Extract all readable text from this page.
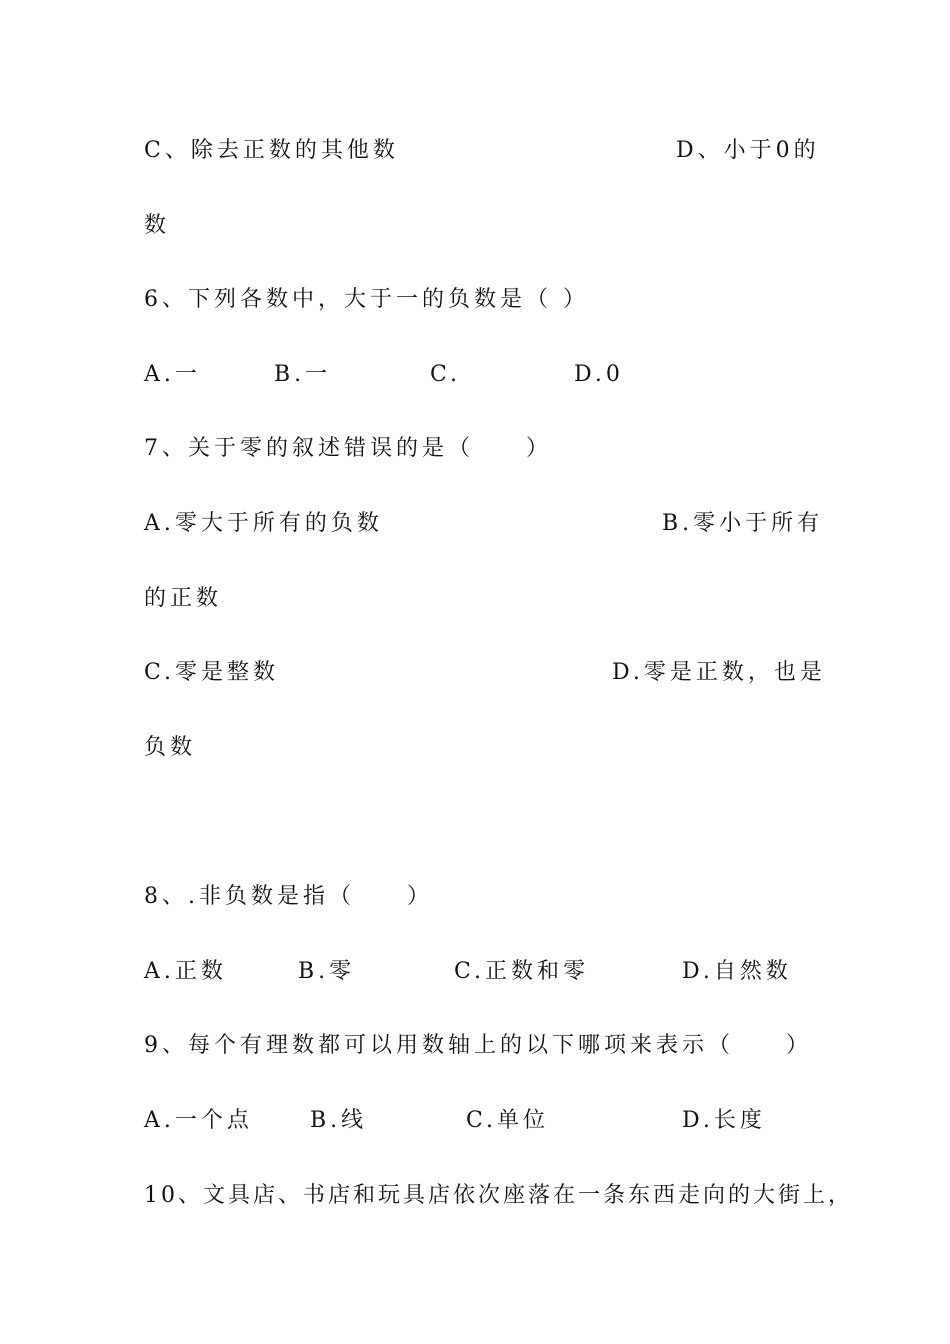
C、除去正数的其他数	D、小于0的
数
6、下列各数中，大于一的负数是（ ）
A.一	B.一	C.	D.0
7、关于零的叙述错误的是（　　）
A.零大于所有的负数	B.零小于所有
的正数
C.零是整数	D.零是正数，也是
负数
8、.非负数是指（　　）
A.正数	B.零	C.正数和零	D.自然数
9、每个有理数都可以用数轴上的以下哪项来表示（　　）
A.一个点	B.线	C.单位	D.长度
10、文具店、书店和玩具店依次座落在一条东西走向的大街上，
